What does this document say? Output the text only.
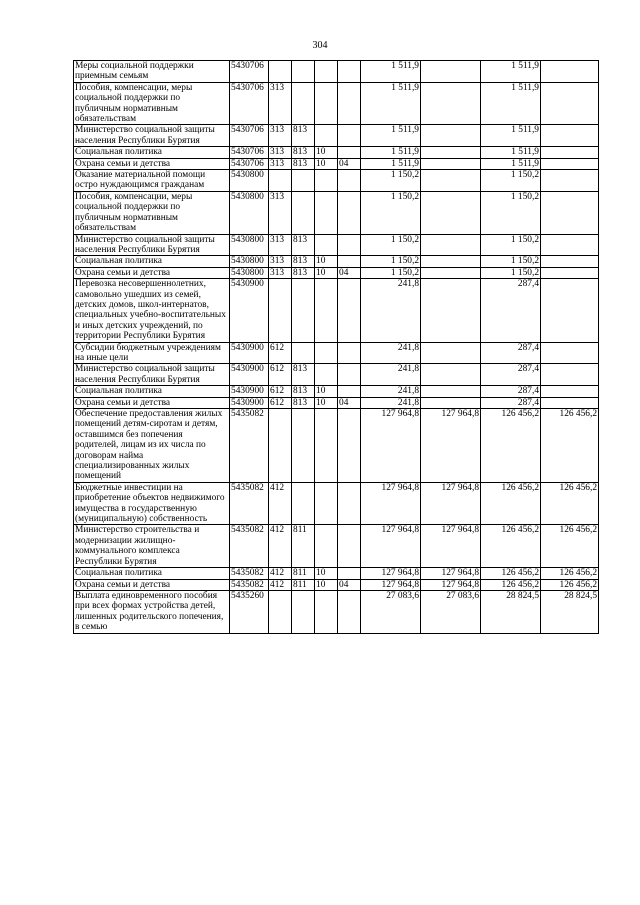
304
Меры социальной поддержки приемным семьям	5430706					1 511,9		1 511,9	
Пособия, компенсации, меры социальной поддержки по публичным нормативным обязательствам	5430706	313				1 511,9		1 511,9	
Министерство социальной защиты населения Республики Бурятия	5430706	313	813			1 511,9		1 511,9	
Социальная политика	5430706	313	813	10		1 511,9		1 511,9	
Охрана семьи и детства	5430706	313	813	10	04	1 511,9		1 511,9	
Оказание материальной помощи остро нуждающимся гражданам	5430800					1 150,2		1 150,2	
Пособия, компенсации, меры социальной поддержки по публичным нормативным обязательствам	5430800	313				1 150,2		1 150,2	
Министерство социальной защиты населения Республики Бурятия	5430800	313	813			1 150,2		1 150,2	
Социальная политика	5430800	313	813	10		1 150,2		1 150,2	
Охрана семьи и детства	5430800	313	813	10	04	1 150,2		1 150,2	
Перевозка несовершеннолетних, самовольно ушедших из семей, детских домов, школ-интернатов, специальных учебно-воспитательных и иных детских учреждений, по территории Республики Бурятия	5430900					241,8		287,4	
Субсидии бюджетным учреждениям на иные цели	5430900	612				241,8		287,4	
Министерство социальной защиты населения Республики Бурятия	5430900	612	813			241,8		287,4	
Социальная политика	5430900	612	813	10		241,8		287,4	
Охрана семьи и детства	5430900	612	813	10	04	241,8		287,4	
Обеспечение предоставления жилых помещений детям-сиротам и детям, оставшимся без попечения родителей, лицам из их числа по договорам найма специализированных жилых помещений	5435082					127 964,8	127 964,8	126 456,2	126 456,2
Бюджетные инвестиции на приобретение объектов недвижимого имущества в государственную (муниципальную) собственность	5435082	412				127 964,8	127 964,8	126 456,2	126 456,2
Министерство строительства и модернизации жилищно-коммунального комплекса Республики Бурятия	5435082	412	811			127 964,8	127 964,8	126 456,2	126 456,2
Социальная политика	5435082	412	811	10		127 964,8	127 964,8	126 456,2	126 456,2
Охрана семьи и детства	5435082	412	811	10	04	127 964,8	127 964,8	126 456,2	126 456,2
Выплата единовременного пособия при всех формах устройства детей, лишенных родительского попечения, в семью	5435260					27 083,6	27 083,6	28 824,5	28 824,5
